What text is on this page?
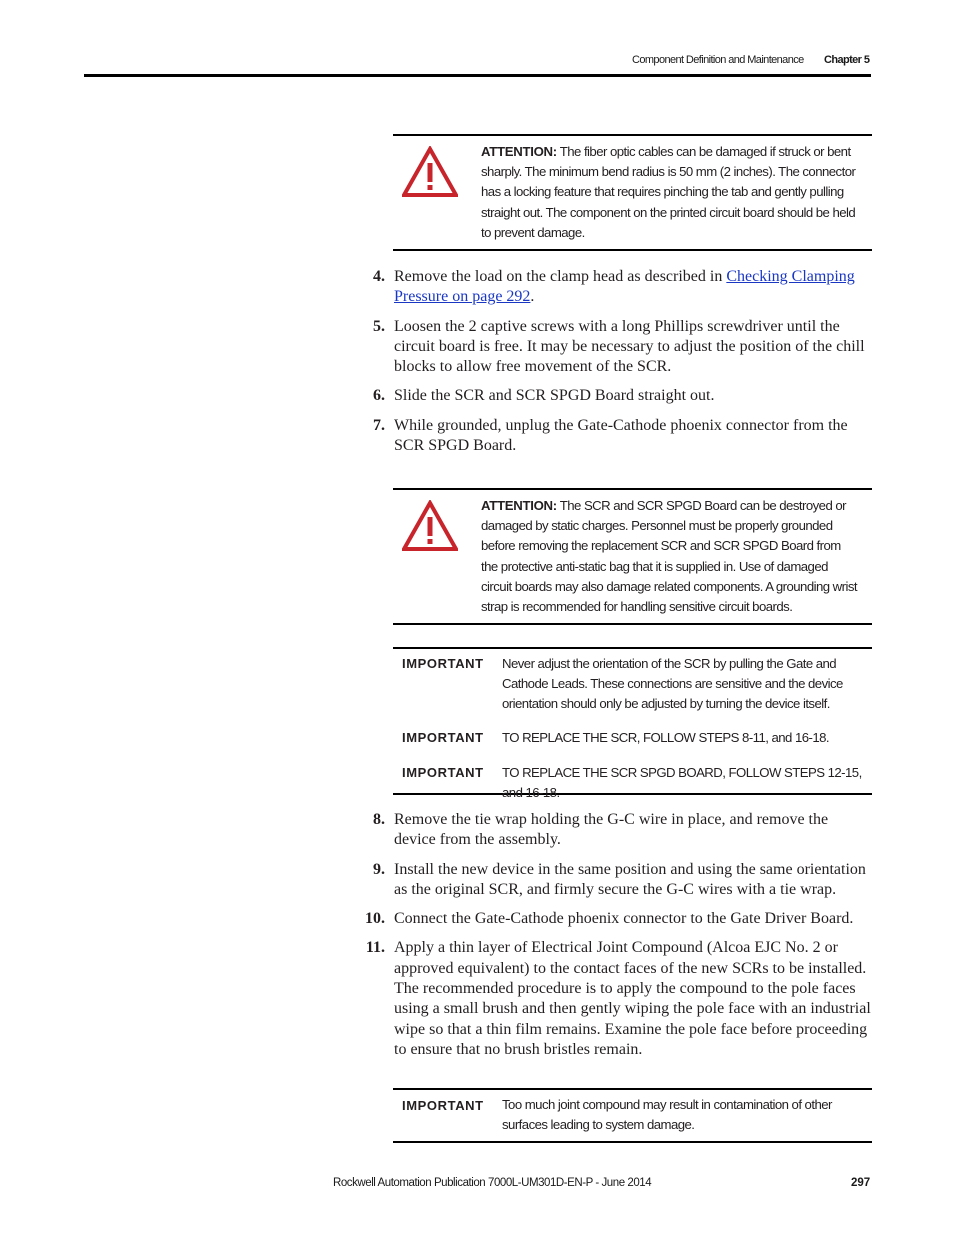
Component Definition and Maintenance Chapter 5
ATTENTION: The fiber optic cables can be damaged if struck or bent sharply. The minimum bend radius is 50 mm (2 inches). The connector has a locking feature that requires pinching the tab and gently pulling straight out. The component on the printed circuit board should be held to prevent damage.
4. Remove the load on the clamp head as described in Checking Clamping Pressure on page 292.
5. Loosen the 2 captive screws with a long Phillips screwdriver until the circuit board is free. It may be necessary to adjust the position of the chill blocks to allow free movement of the SCR.
6. Slide the SCR and SCR SPGD Board straight out.
7. While grounded, unplug the Gate-Cathode phoenix connector from the SCR SPGD Board.
ATTENTION: The SCR and SCR SPGD Board can be destroyed or damaged by static charges. Personnel must be properly grounded before removing the replacement SCR and SCR SPGD Board from the protective anti-static bag that it is supplied in. Use of damaged circuit boards may also damage related components. A grounding wrist strap is recommended for handling sensitive circuit boards.
IMPORTANT Never adjust the orientation of the SCR by pulling the Gate and Cathode Leads. These connections are sensitive and the device orientation should only be adjusted by turning the device itself.
IMPORTANT TO REPLACE THE SCR, FOLLOW STEPS 8-11, and 16-18.
IMPORTANT TO REPLACE THE SCR SPGD BOARD, FOLLOW STEPS 12-15, and 16-18.
8. Remove the tie wrap holding the G-C wire in place, and remove the device from the assembly.
9. Install the new device in the same position and using the same orientation as the original SCR, and firmly secure the G-C wires with a tie wrap.
10. Connect the Gate-Cathode phoenix connector to the Gate Driver Board.
11. Apply a thin layer of Electrical Joint Compound (Alcoa EJC No. 2 or approved equivalent) to the contact faces of the new SCRs to be installed. The recommended procedure is to apply the compound to the pole faces using a small brush and then gently wiping the pole face with an industrial wipe so that a thin film remains. Examine the pole face before proceeding to ensure that no brush bristles remain.
IMPORTANT Too much joint compound may result in contamination of other surfaces leading to system damage.
Rockwell Automation Publication 7000L-UM301D-EN-P - June 2014	297
